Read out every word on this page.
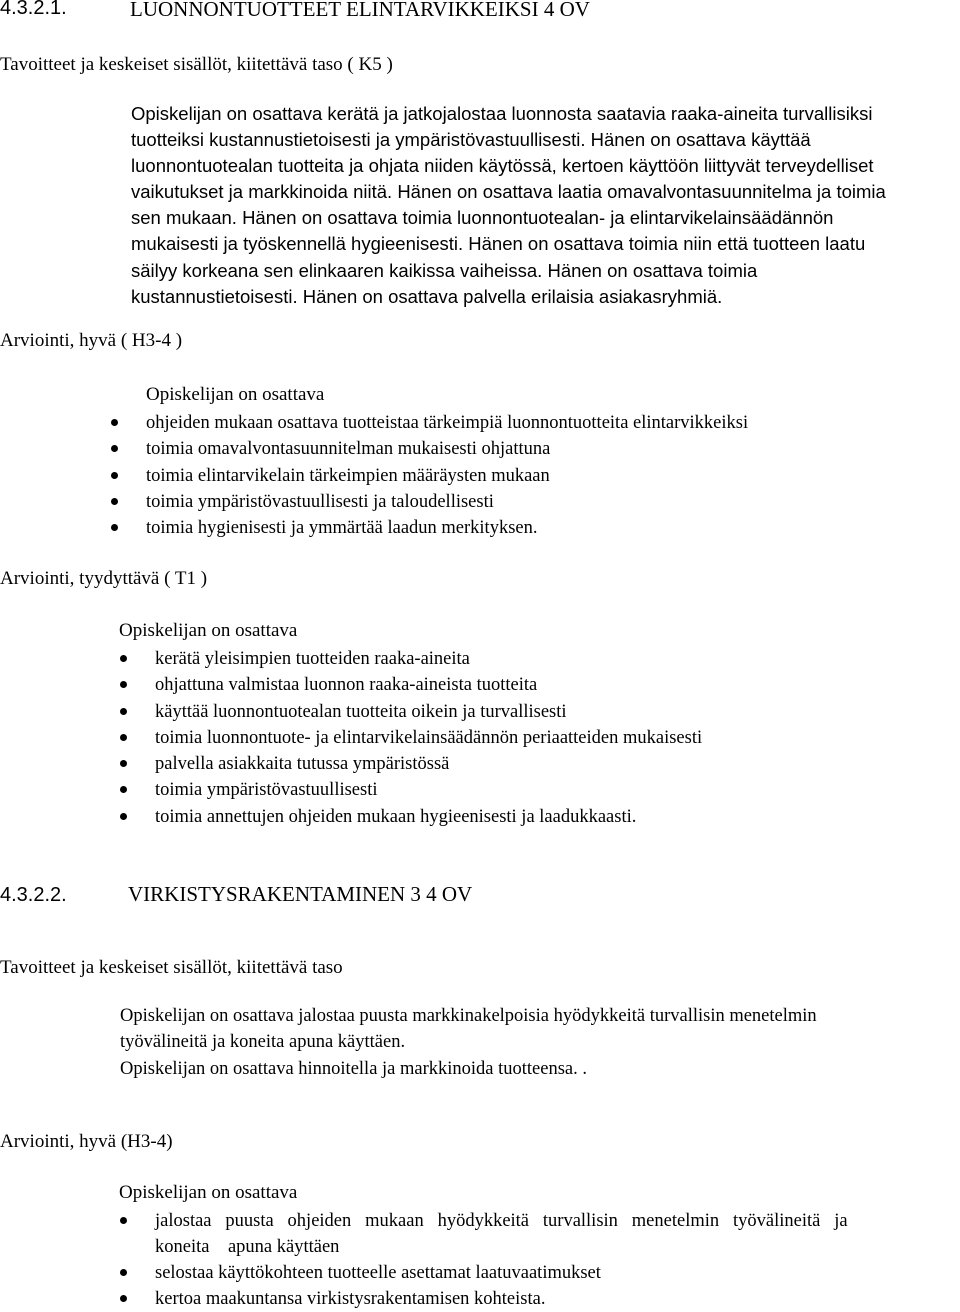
4.3.2.1.	LUONNONTUOTTEET ELINTARVIKKEIKSI 4 OV
Tavoitteet ja keskeiset sisällöt, kiitettävä taso ( K5 )
Opiskelijan on osattava kerätä ja jatkojalostaa luonnosta saatavia raaka-aineita turvallisiksi
tuotteiksi kustannustietoisesti ja ympäristövastuullisesti. Hänen on osattava käyttää
luonnontuotealan tuotteita ja ohjata niiden käytössä, kertoen käyttöön liittyvät terveydelliset
vaikutukset ja markkinoida niitä. Hänen on osattava laatia omavalvontasuunnitelma ja toimia
sen mukaan. Hänen on osattava toimia luonnontuotealan- ja elintarvikelainsäädännön
mukaisesti ja työskennellä hygieenisesti. Hänen on osattava toimia niin että tuotteen laatu
säilyy korkeana sen elinkaaren kaikissa vaiheissa. Hänen on osattava toimia
kustannustietoisesti. Hänen on osattava palvella erilaisia asiakasryhmiä.
Arviointi, hyvä ( H3-4 )
Opiskelijan on osattava
ohjeiden mukaan osattava tuotteistaa tärkeimpiä luonnontuotteita elintarvikkeiksi
toimia omavalvontasuunnitelman mukaisesti ohjattuna
toimia elintarvikelain tärkeimpien määräysten mukaan
toimia ympäristövastuullisesti ja taloudellisesti
toimia hygienisesti ja ymmärtää laadun merkityksen.
Arviointi, tyydyttävä ( T1 )
Opiskelijan on osattava
kerätä yleisimpien tuotteiden raaka-aineita
ohjattuna valmistaa luonnon raaka-aineista tuotteita
käyttää luonnontuotealan tuotteita oikein ja turvallisesti
toimia luonnontuote- ja elintarvikelainsäädännön periaatteiden mukaisesti
palvella asiakkaita tutussa ympäristössä
toimia ympäristövastuullisesti
toimia annettujen ohjeiden mukaan hygieenisesti ja laadukkaasti.
4.3.2.2.	VIRKISTYSRAKENTAMINEN 3 4 OV
Tavoitteet ja keskeiset sisällöt, kiitettävä taso
Opiskelijan on osattava jalostaa puusta markkinakelpoisia hyödykkeitä turvallisin menetelmin
työvälineitä ja koneita apuna käyttäen.
Opiskelijan on osattava hinnoitella ja markkinoida tuotteensa. .
Arviointi, hyvä (H3-4)
Opiskelijan on osattava
jalostaa   puusta   ohjeiden   mukaan   hyödykkeitä   turvallisin   menetelmin   työvälineitä   ja
koneita    apuna käyttäen
selostaa käyttökohteen tuotteelle asettamat laatuvaatimukset
kertoa maakuntansa virkistysrakentamisen kohteista.
